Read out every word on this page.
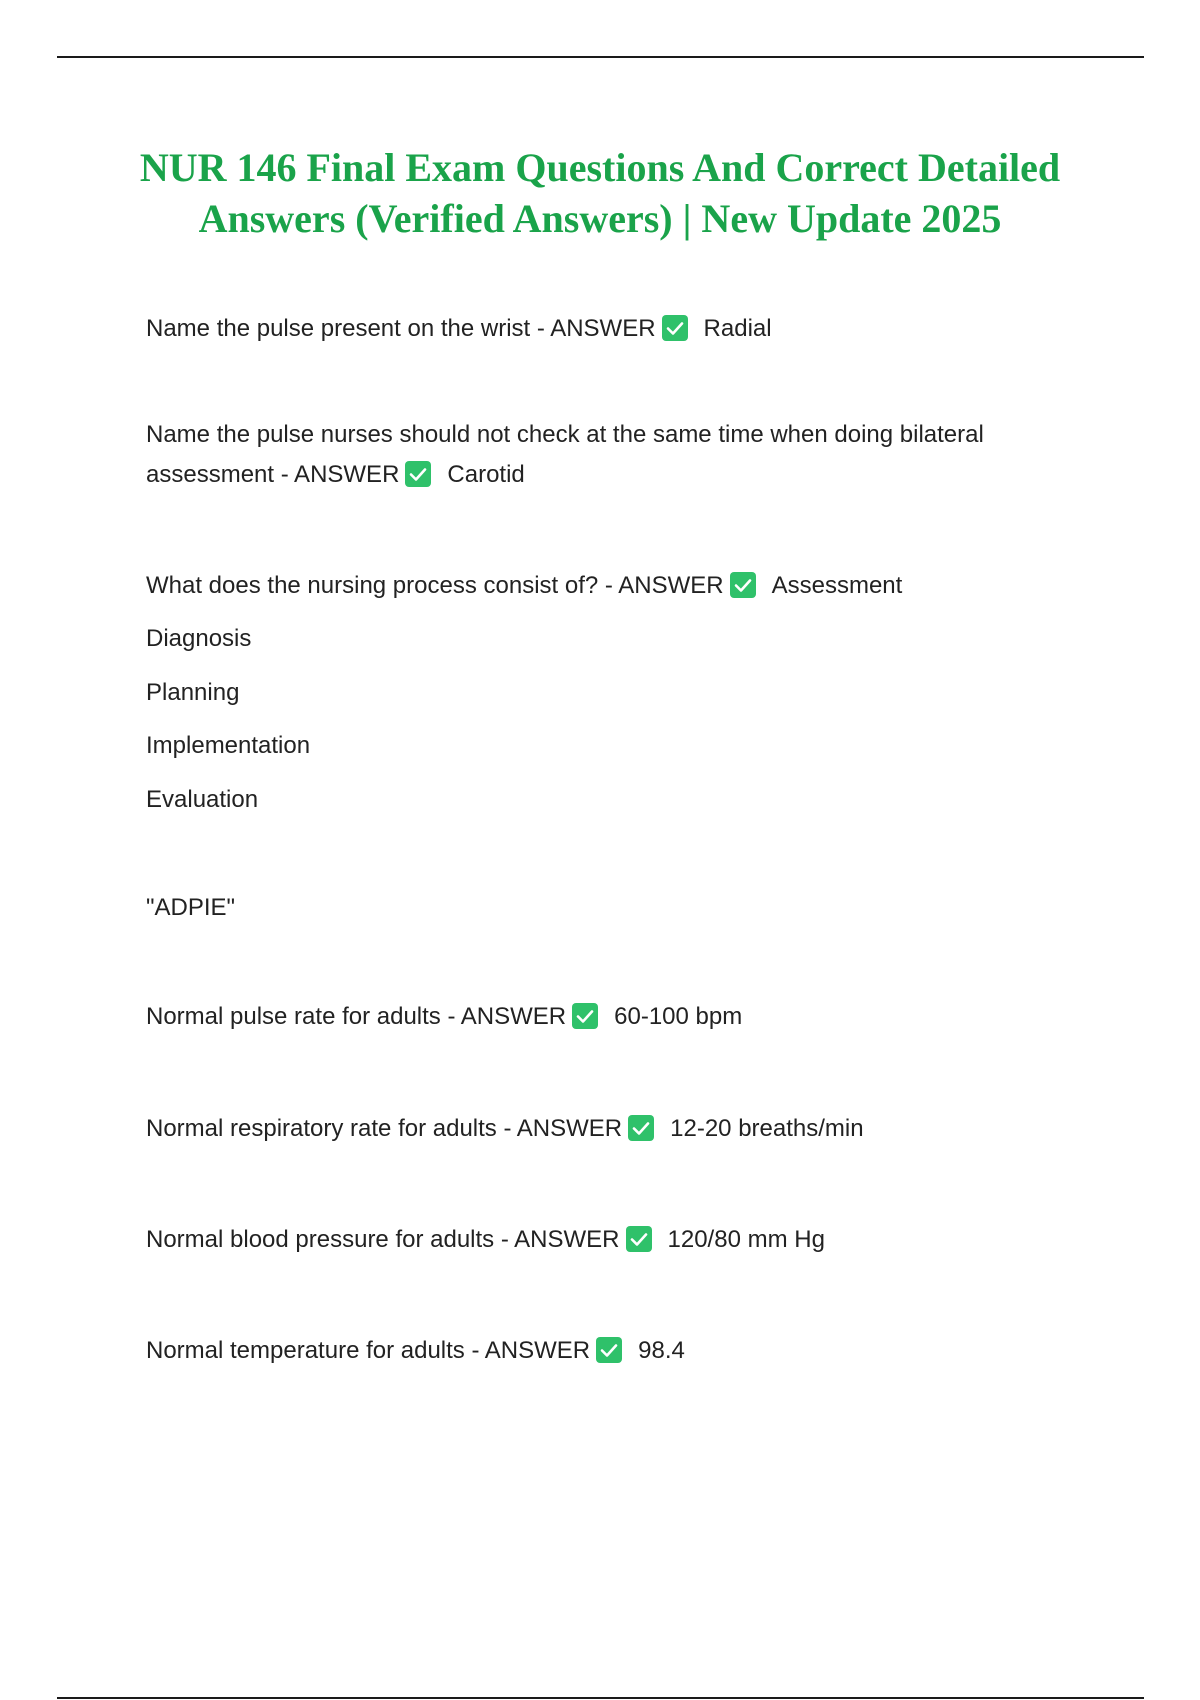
NUR 146 Final Exam Questions And Correct Detailed
Answers (Verified Answers) | New Update 2025

Name the pulse present on the wrist - ANSWER Radial

Name the pulse nurses should not check at the same time when doing bilateral assessment - ANSWER Carotid

What does the nursing process consist of? - ANSWER Assessment

Diagnosis

Planning

Implementation

Evaluation

"ADPIE"

Normal pulse rate for adults - ANSWER 60-100 bpm

Normal respiratory rate for adults - ANSWER 12-20 breaths/min

Normal blood pressure for adults - ANSWER 120/80 mm Hg

Normal temperature for adults - ANSWER 98.4
